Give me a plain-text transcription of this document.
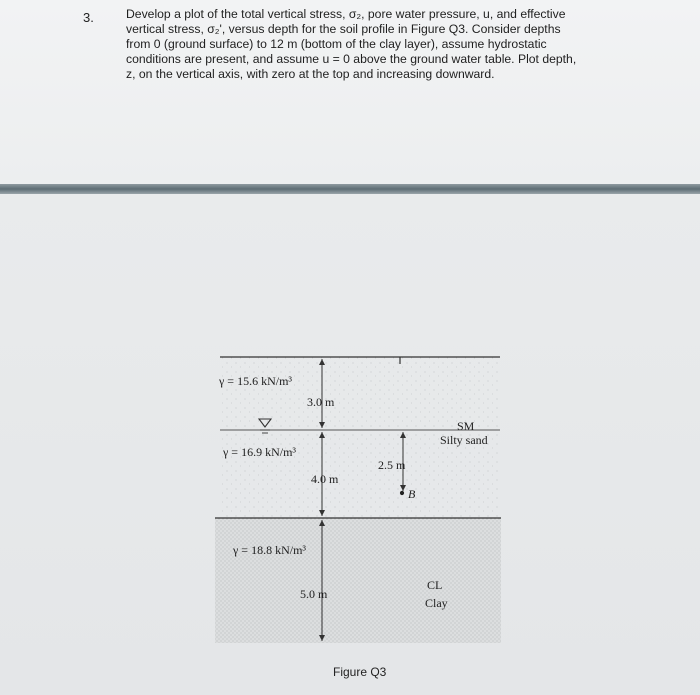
3.	Develop a plot of the total vertical stress, σ₂, pore water pressure, u, and effective
vertical stress, σ₂', versus depth for the soil profile in Figure Q3. Consider depths
from 0 (ground surface) to 12 m (bottom of the clay layer), assume hydrostatic
conditions are present, and assume u = 0 above the ground water table. Plot depth,
z, on the vertical axis, with zero at the top and increasing downward.
γ = 15.6 kN/m³
3.0 m
γ = 16.9 kN/m³
4.0 m
2.5 m
B
SM
Silty sand
γ = 18.8 kN/m³
5.0 m
CL
Clay
Figure Q3
